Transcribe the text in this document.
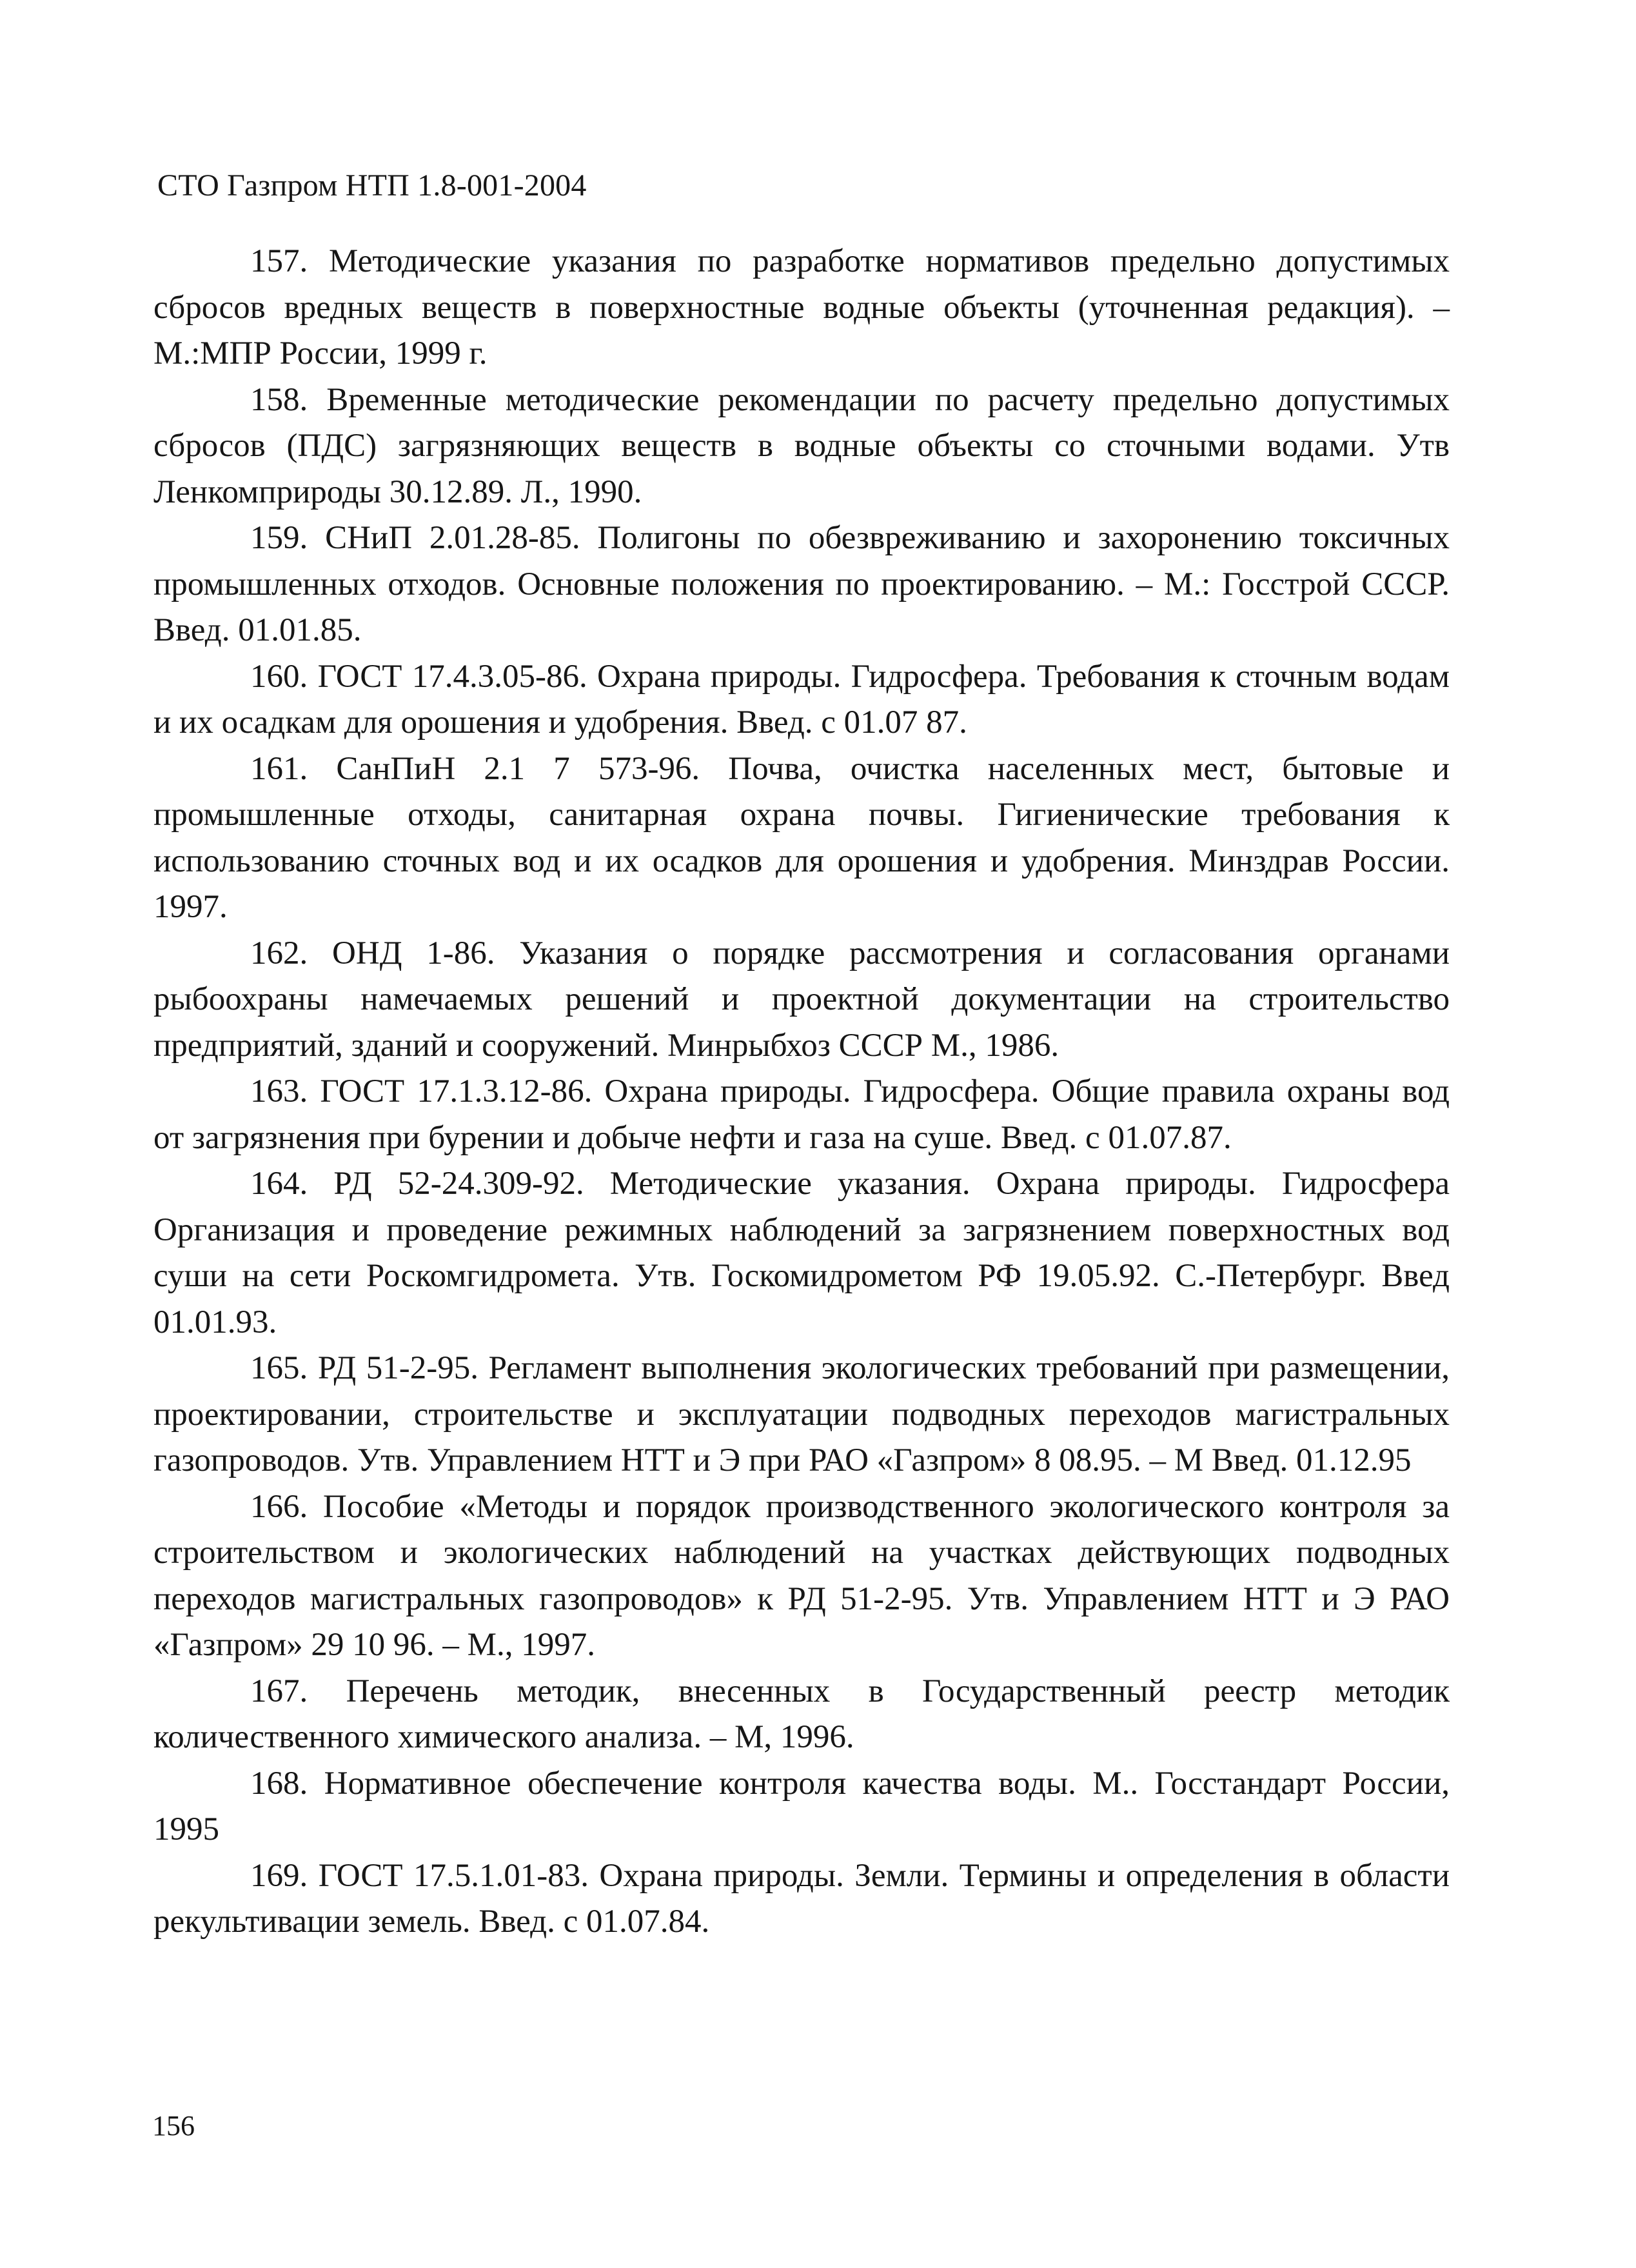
СТО Газпром НТП 1.8-001-2004

157. Методические указания по разработке нормативов предельно допустимых сбросов вредных веществ в поверхностные водные объекты (уточненная редакция). – М.:МПР России, 1999 г.

158. Временные методические рекомендации по расчету предельно допустимых сбросов (ПДС) загрязняющих веществ в водные объекты со сточными водами. Утв Ленкомприроды 30.12.89. Л., 1990.

159. СНиП 2.01.28-85. Полигоны по обезвреживанию и захоронению токсичных промышленных отходов. Основные положения по проектированию. – М.: Госстрой СССР. Введ. 01.01.85.

160. ГОСТ 17.4.3.05-86. Охрана природы. Гидросфера. Требования к сточным водам и их осадкам для орошения и удобрения. Введ. с 01.07 87.

161. СанПиН 2.1 7 573-96. Почва, очистка населенных мест, бытовые и промышленные отходы, санитарная охрана почвы. Гигиенические требования к использованию сточных вод и их осадков для орошения и удобрения. Минздрав России. 1997.

162. ОНД 1-86. Указания о порядке рассмотрения и согласования органами рыбоохраны намечаемых решений и проектной документации на строительство предприятий, зданий и сооружений. Минрыбхоз СССР М., 1986.

163. ГОСТ 17.1.3.12-86. Охрана природы. Гидросфера. Общие правила охраны вод от загрязнения при бурении и добыче нефти и газа на суше. Введ. с 01.07.87.

164. РД 52-24.309-92. Методические указания. Охрана природы. Гидросфера Организация и проведение режимных наблюдений за загрязнением поверхностных вод суши на сети Роскомгидромета. Утв. Госкомидрометом РФ 19.05.92. С.-Петербург. Введ 01.01.93.

165. РД 51-2-95. Регламент выполнения экологических требований при размещении, проектировании, строительстве и эксплуатации подводных переходов магистральных газопроводов. Утв. Управлением НТТ и Э при РАО «Газпром» 8 08.95. – М Введ. 01.12.95

166. Пособие «Методы и порядок производственного экологического контроля за строительством и экологических наблюдений на участках действующих подводных переходов магистральных газопроводов» к РД 51-2-95. Утв. Управлением НТТ и Э РАО «Газпром» 29 10 96. – М., 1997.

167. Перечень методик, внесенных в Государственный реестр методик количественного химического анализа. – М, 1996.

168. Нормативное обеспечение контроля качества воды. М.. Госстандарт России, 1995

169. ГОСТ 17.5.1.01-83. Охрана природы. Земли. Термины и определения в области рекультивации земель. Введ. с 01.07.84.

156
